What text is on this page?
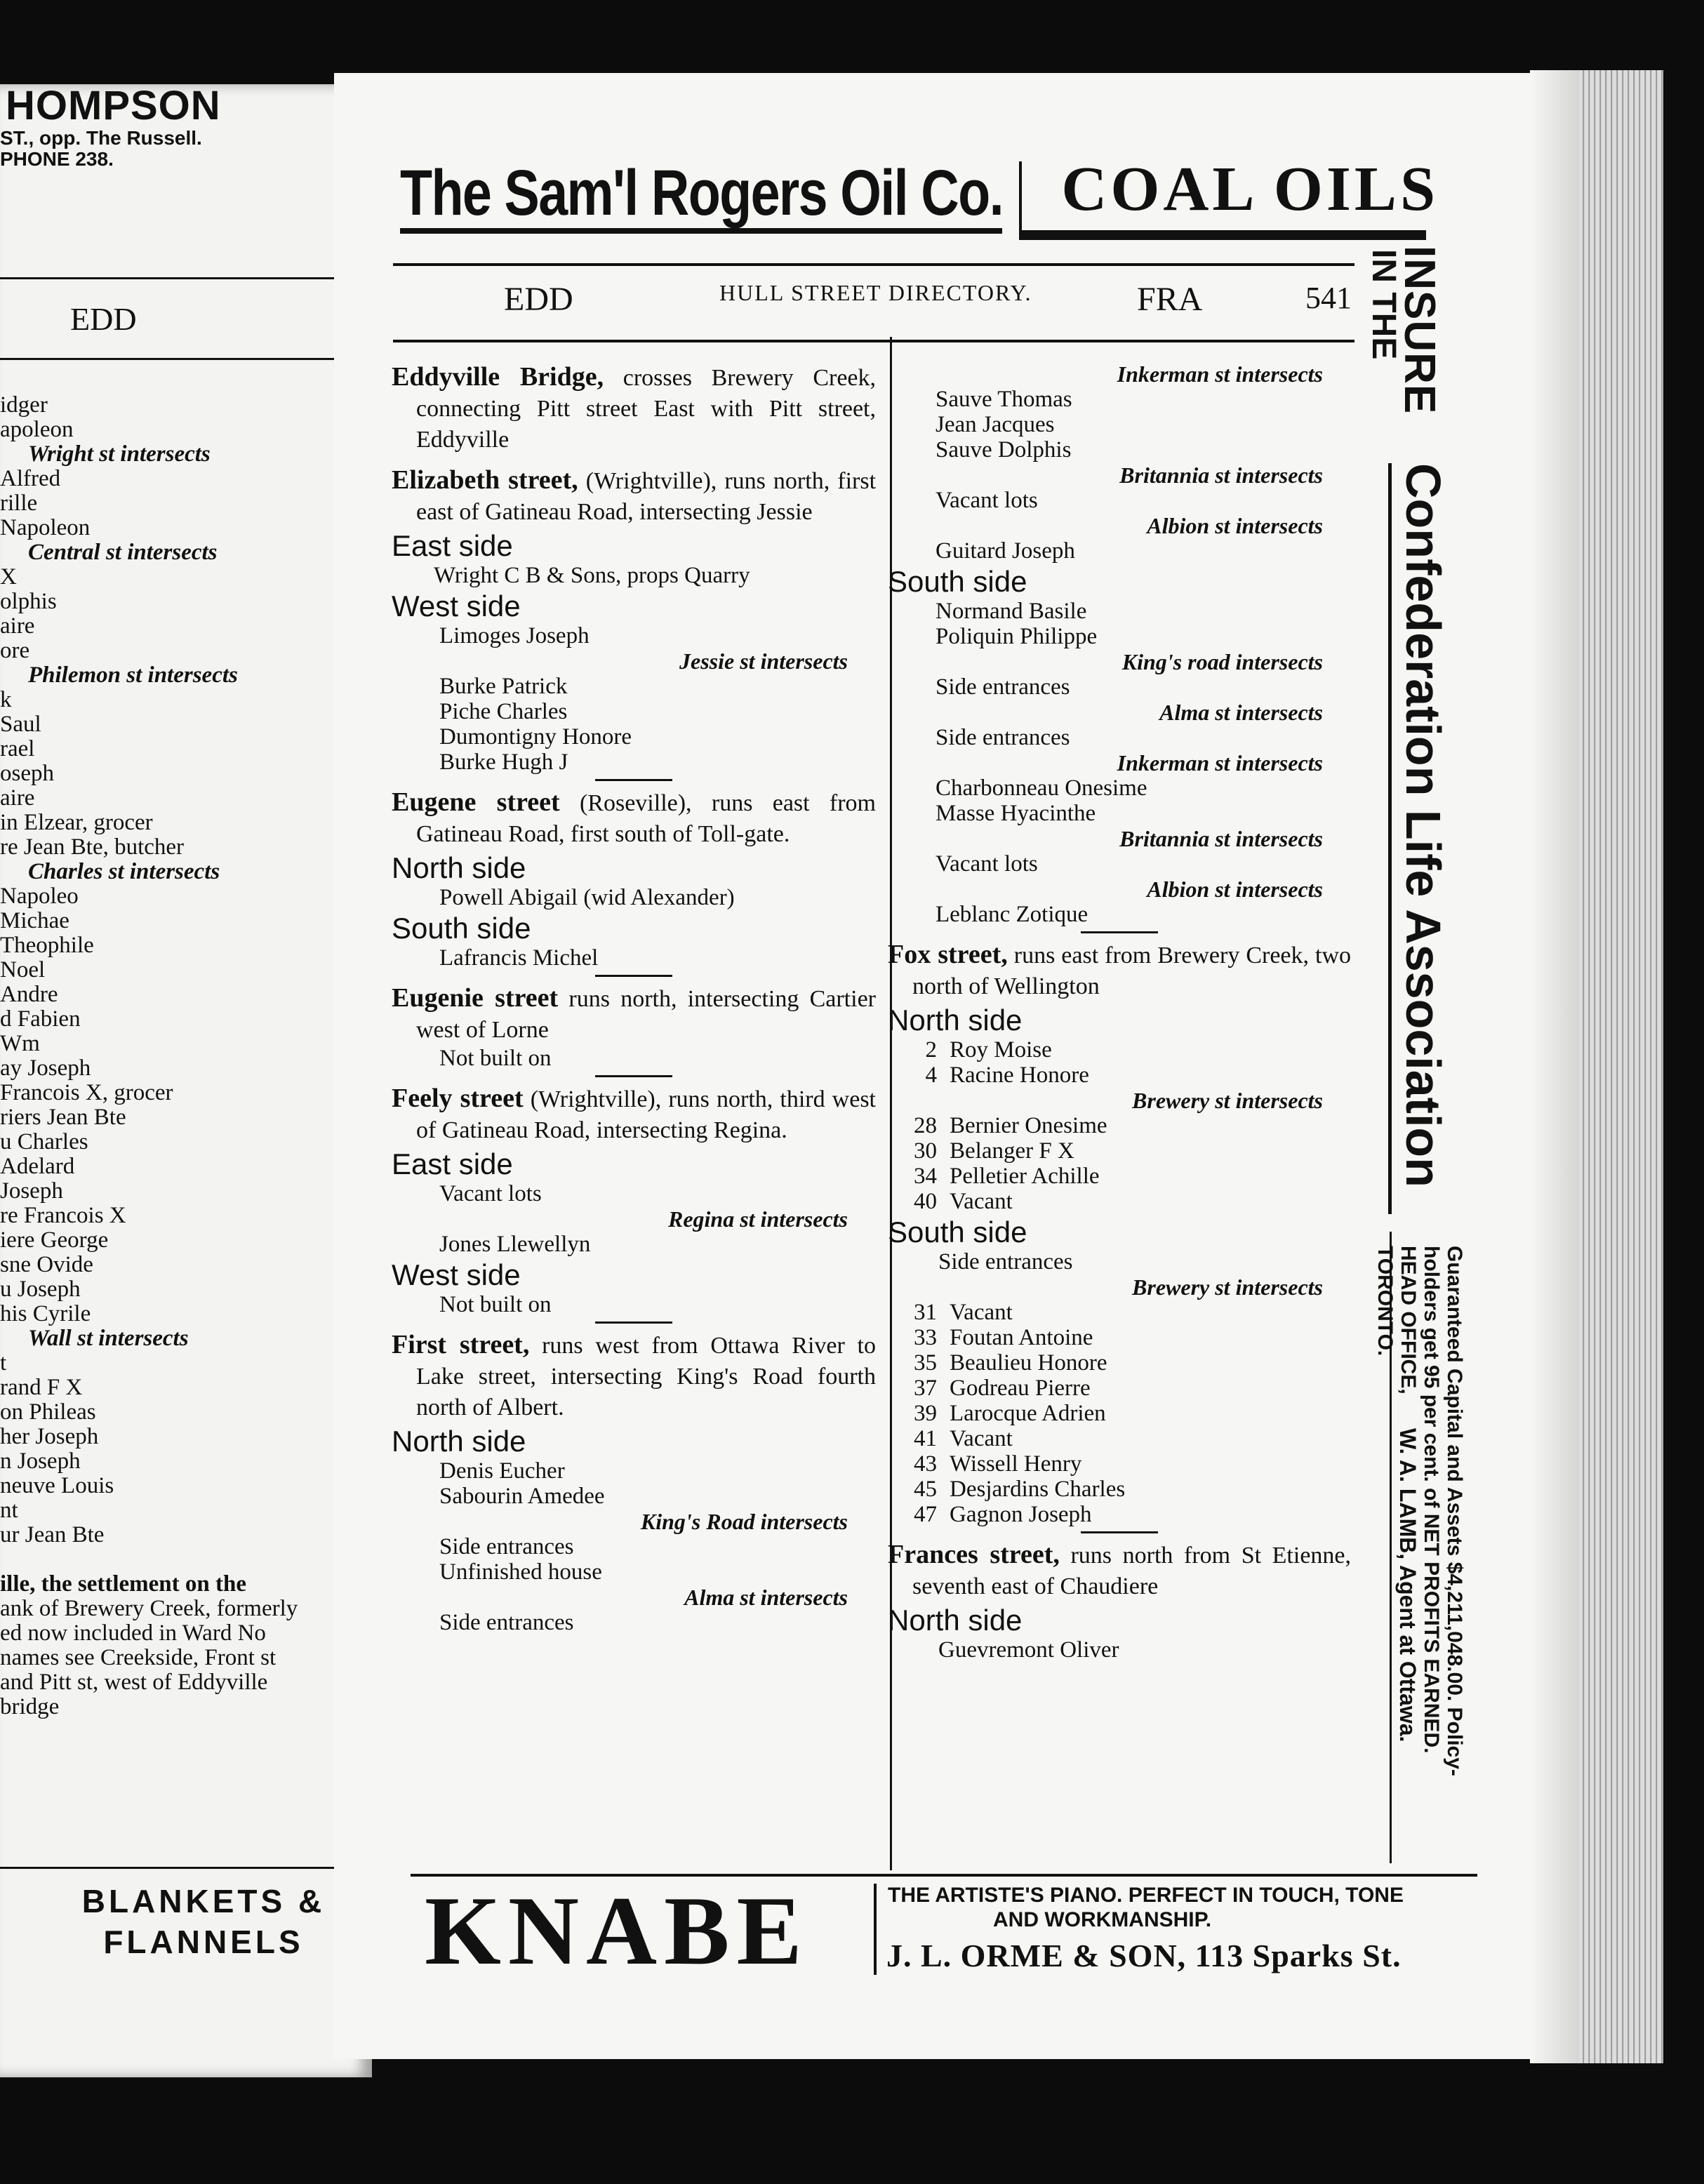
HOMPSON
ST., opp. The Russell.
PHONE 238.
EDD
idger
apoleon
Wright st intersects
Alfred
rille
Napoleon
Central st intersects
X
olphis
aire
ore
Philemon st intersects
k
Saul
rael
oseph
aire
in Elzear, grocer
re Jean Bte, butcher
Charles st intersects
Napoleo
Michae
Theophile
Noel
Andre
d Fabien
Wm
ay Joseph
Francois X, grocer
riers Jean Bte
u Charles
Adelard
Joseph
re Francois X
iere George
sne Ovide
u Joseph
his Cyrile
Wall st intersects
t
rand F X
on Phileas
her Joseph
n Joseph
neuve Louis
nt
ur Jean Bte

ille, the settlement on the
ank of Brewery Creek, formerly
ed now included in Ward No
names see Creekside, Front st
and Pitt st, west of Eddyville
bridge
BLANKETS &
FLANNELS
The Sam'l Rogers Oil Co. COAL OILS
EDD	HULL STREET DIRECTORY.	FRA	541
Eddyville Bridge, crosses Brewery Creek, connecting Pitt street East with Pitt street, Eddyville
Elizabeth street, (Wrightville), runs north, first east of Gatineau Road, intersecting Jessie
East side
Wright C B & Sons, props Quarry
West side
Limoges Joseph
Jessie st intersects
Burke Patrick
Piche Charles
Dumontigny Honore
Burke Hugh J
Eugene street (Roseville), runs east from Gatineau Road, first south of Toll-gate.
North side
Powell Abigail (wid Alexander)
South side
Lafrancis Michel
Eugenie street runs north, intersecting Cartier west of Lorne
Not built on
Feely street (Wrightville), runs north, third west of Gatineau Road, intersecting Regina.
East side
Vacant lots
Regina st intersects
Jones Llewellyn
West side
Not built on
First street, runs west from Ottawa River to Lake street, intersecting King's Road fourth north of Albert.
North side
Denis Eucher
Sabourin Amedee
King's Road intersects
Side entrances
Unfinished house
Alma st intersects
Side entrances
Inkerman st intersects
Sauve Thomas
Jean Jacques
Sauve Dolphis
Britannia st intersects
Vacant lots
Albion st intersects
Guitard Joseph
South side
Normand Basile
Poliquin Philippe
King's road intersects
Side entrances
Alma st intersects
Side entrances
Inkerman st intersects
Charbonneau Onesime
Masse Hyacinthe
Britannia st intersects
Vacant lots
Albion st intersects
Leblanc Zotique
Fox street, runs east from Brewery Creek, two north of Wellington
North side
2 Roy Moise
4 Racine Honore
Brewery st intersects
28 Bernier Onesime
30 Belanger F X
34 Pelletier Achille
40 Vacant
South side
Side entrances
Brewery st intersects
31 Vacant
33 Foutan Antoine
35 Beaulieu Honore
37 Godreau Pierre
39 Larocque Adrien
41 Vacant
43 Wissell Henry
45 Desjardins Charles
47 Gagnon Joseph
Frances street, runs north from St Etienne, seventh east of Chaudiere
North side
Guevremont Oliver
INSURE
IN THE
Confederation Life Association
Guaranteed Capital and Assets $4,211,048.00. Policy-
holders get 95 per cent. of NET PROFITS EARNED.
HEAD OFFICE,
TORONTO.
W. A. LAMB, Agent at Ottawa.
KNABE	THE ARTISTE'S PIANO. PERFECT IN TOUCH, TONE
AND WORKMANSHIP.
J. L. ORME & SON, 113 Sparks St.
